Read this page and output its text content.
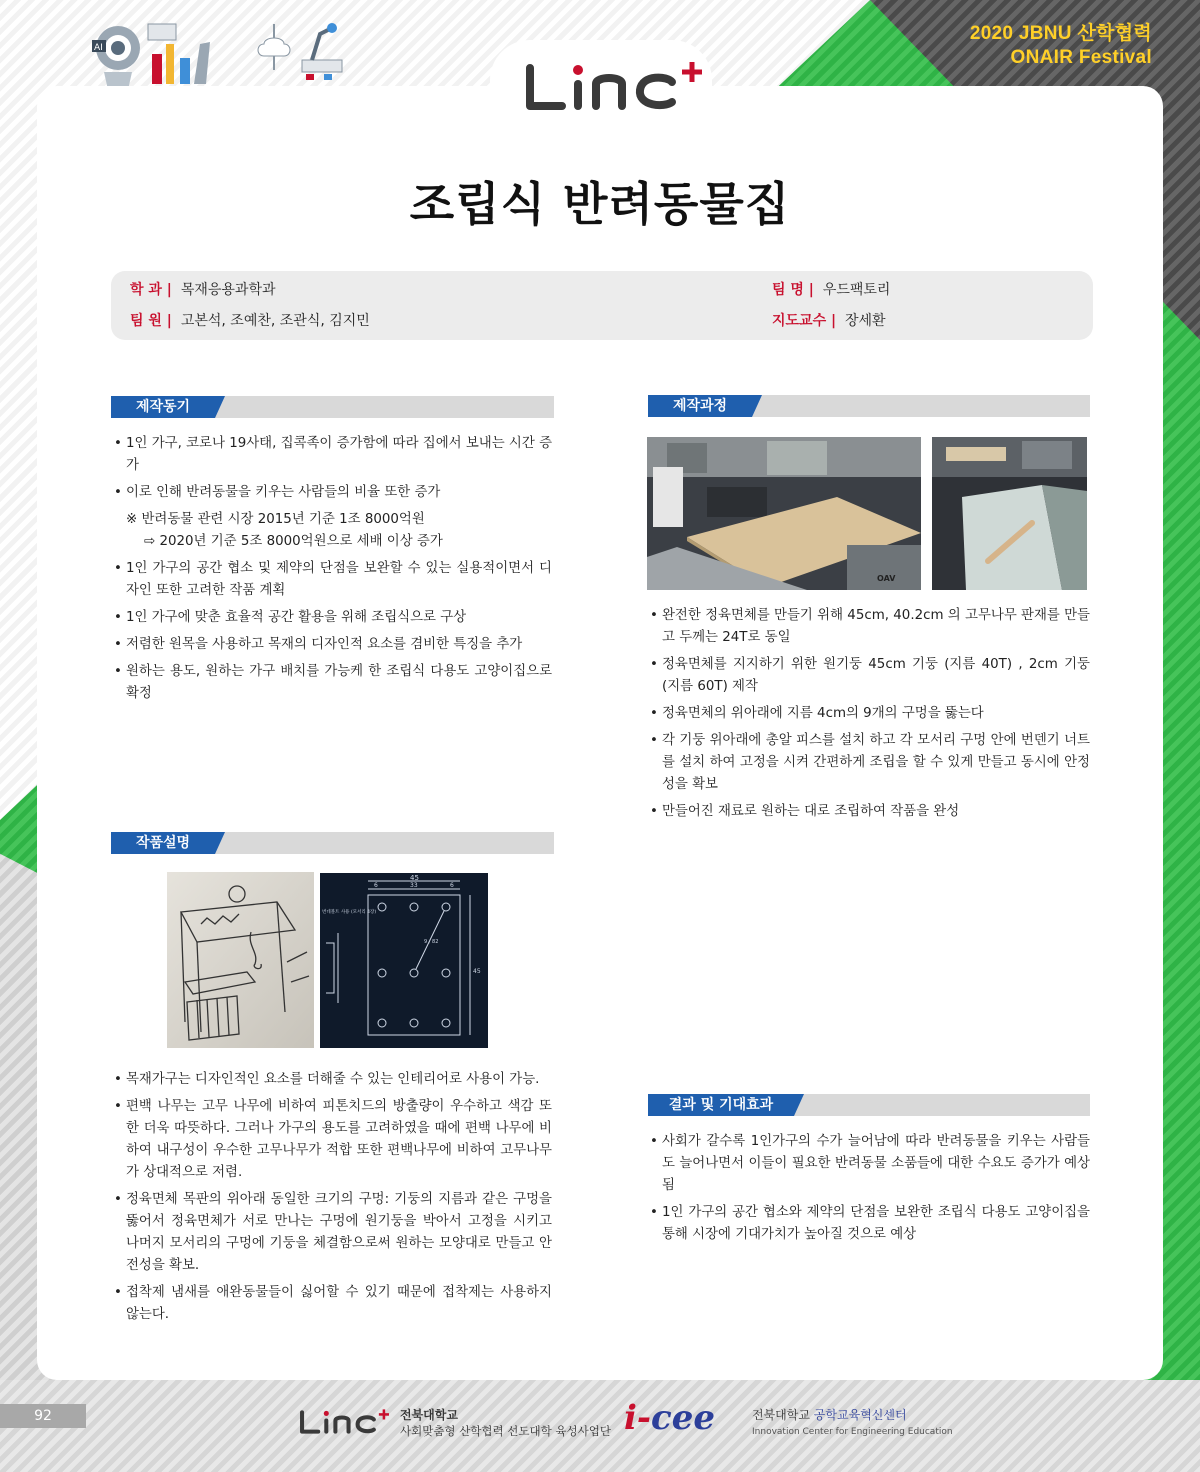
AI
2020 JBNU 산학협력
ONAIR Festival
조립식 반려동물집
학 과 | 목재응용과학과
팀 원 | 고본석, 조예찬, 조관식, 김지민
팀 명 | 우드팩토리
지도교수 | 장세환
제작동기
• 1인 가구, 코로나 19사태, 집콕족이 증가함에 따라 집에서 보내는 시간 증가
• 이로 인해 반려동물을 키우는 사람들의 비율 또한 증가
※ 반려동물 관련 시장 2015년 기준 1조 8000억원
⇨ 2020년 기준 5조 8000억원으로 세배 이상 증가
• 1인 가구의 공간 협소 및 제약의 단점을 보완할 수 있는 실용적이면서 디자인 또한 고려한 작품 계획
• 1인 가구에 맞춘 효율적 공간 활용을 위해 조립식으로 구상
• 저렴한 원목을 사용하고 목재의 디자인적 요소를 겸비한 특징을 추가
• 원하는 용도, 원하는 가구 배치를 가능케 한 조립식 다용도 고양이집으로 확정
작품설명
45
6	33	6
45
9 / 82
번데볼트 사용 (모서리 4장)
• 목재가구는 디자인적인 요소를 더해줄 수 있는 인테리어로 사용이 가능.
• 편백 나무는 고무 나무에 비하여 피톤치드의 방출량이 우수하고 색감 또한 더욱 따뜻하다. 그러나 가구의 용도를 고려하였을 때에 편백 나무에 비하여 내구성이 우수한 고무나무가 적합 또한 편백나무에 비하여 고무나무가 상대적으로 저렴.
• 정육면체 목판의 위아래 동일한 크기의 구멍: 기둥의 지름과 같은 구멍을 뚫어서 정육면체가 서로 만나는 구멍에 원기둥을 박아서 고정을 시키고 나머지 모서리의 구멍에 기둥을 체결함으로써 원하는 모양대로 만들고 안전성을 확보.
• 접착제 냄새를 애완동물들이 싫어할 수 있기 때문에 접착제는 사용하지 않는다.
제작과정
OAV
• 완전한 정육면체를 만들기 위해 45cm, 40.2cm 의 고무나무 판재를 만들고 두께는 24T로 동일
• 정육면체를 지지하기 위한 원기둥 45cm 기둥 (지름 40T) , 2cm 기둥 (지름 60T) 제작
• 정육면체의 위아래에 지름 4cm의 9개의 구멍을 뚫는다
• 각 기둥 위아래에 총알 피스를 설치 하고 각 모서리 구멍 안에 번덴기 너트를 설치 하여 고정을 시켜 간편하게 조립을 할 수 있게 만들고 동시에 안정성을 확보
• 만들어진 재료로 원하는 대로 조립하여 작품을 완성
결과 및 기대효과
• 사회가 갈수록 1인가구의 수가 늘어남에 따라 반려동물을 키우는 사람들도 늘어나면서 이들이 필요한 반려동물 소품들에 대한 수요도 증가가 예상됨
• 1인 가구의 공간 협소와 제약의 단점을 보완한 조립식 다용도 고양이집을 통해 시장에 기대가치가 높아질 것으로 예상
92	전북대학교
사회맞춤형 산학협력 선도대학 육성사업단 i-cee	전북대학교 공학교육혁신센터
Innovation Center for Engineering Education
